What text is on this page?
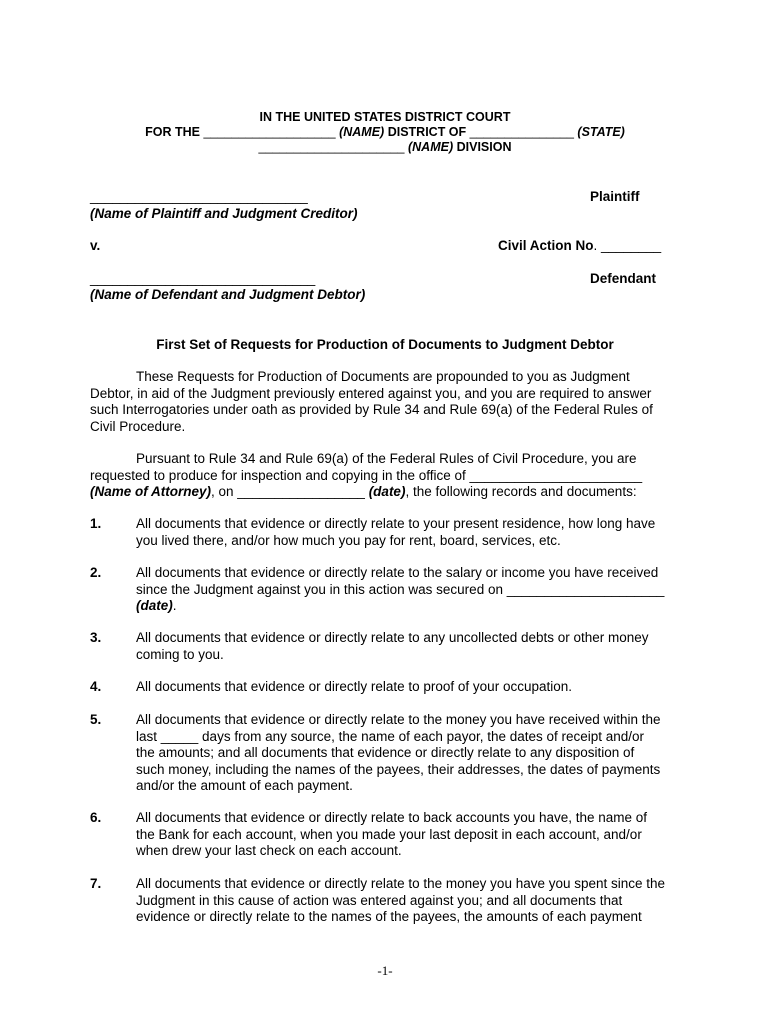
IN THE UNITED STATES DISTRICT COURT
FOR THE ___________________ (NAME) DISTRICT OF _______________ (STATE)
_____________________ (NAME) DIVISION
_____________________________	Plaintiff
(Name of Plaintiff and Judgment Creditor)
v.	Civil Action No. ________
______________________________	Defendant
(Name of Defendant and Judgment Debtor)
First Set of Requests for Production of Documents to Judgment Debtor
These Requests for Production of Documents are propounded to you as Judgment
Debtor, in aid of the Judgment previously entered against you, and you are required to answer
such Interrogatories under oath as provided by Rule 34 and Rule 69(a) of the Federal Rules of
Civil Procedure.
Pursuant to Rule 34 and Rule 69(a) of the Federal Rules of Civil Procedure, you are
requested to produce for inspection and copying in the office of _______________________
(Name of Attorney), on _________________ (date), the following records and documents:
1.	All documents that evidence or directly relate to your present residence, how long have
you lived there, and/or how much you pay for rent, board, services, etc.
2.	All documents that evidence or directly relate to the salary or income you have received
since the Judgment against you in this action was secured on _____________________
(date).
3.	All documents that evidence or directly relate to any uncollected debts or other money
coming to you.
4.	All documents that evidence or directly relate to proof of your occupation.
5.	All documents that evidence or directly relate to the money you have received within the
last _____ days from any source, the name of each payor, the dates of receipt and/or
the amounts; and all documents that evidence or directly relate to any disposition of
such money, including the names of the payees, their addresses, the dates of payments
and/or the amount of each payment.
6.	All documents that evidence or directly relate to back accounts you have, the name of
the Bank for each account, when you made your last deposit in each account, and/or
when drew your last check on each account.
7.	All documents that evidence or directly relate to the money you have you spent since the
Judgment in this cause of action was entered against you; and all documents that
evidence or directly relate to the names of the payees, the amounts of each payment
-1-
